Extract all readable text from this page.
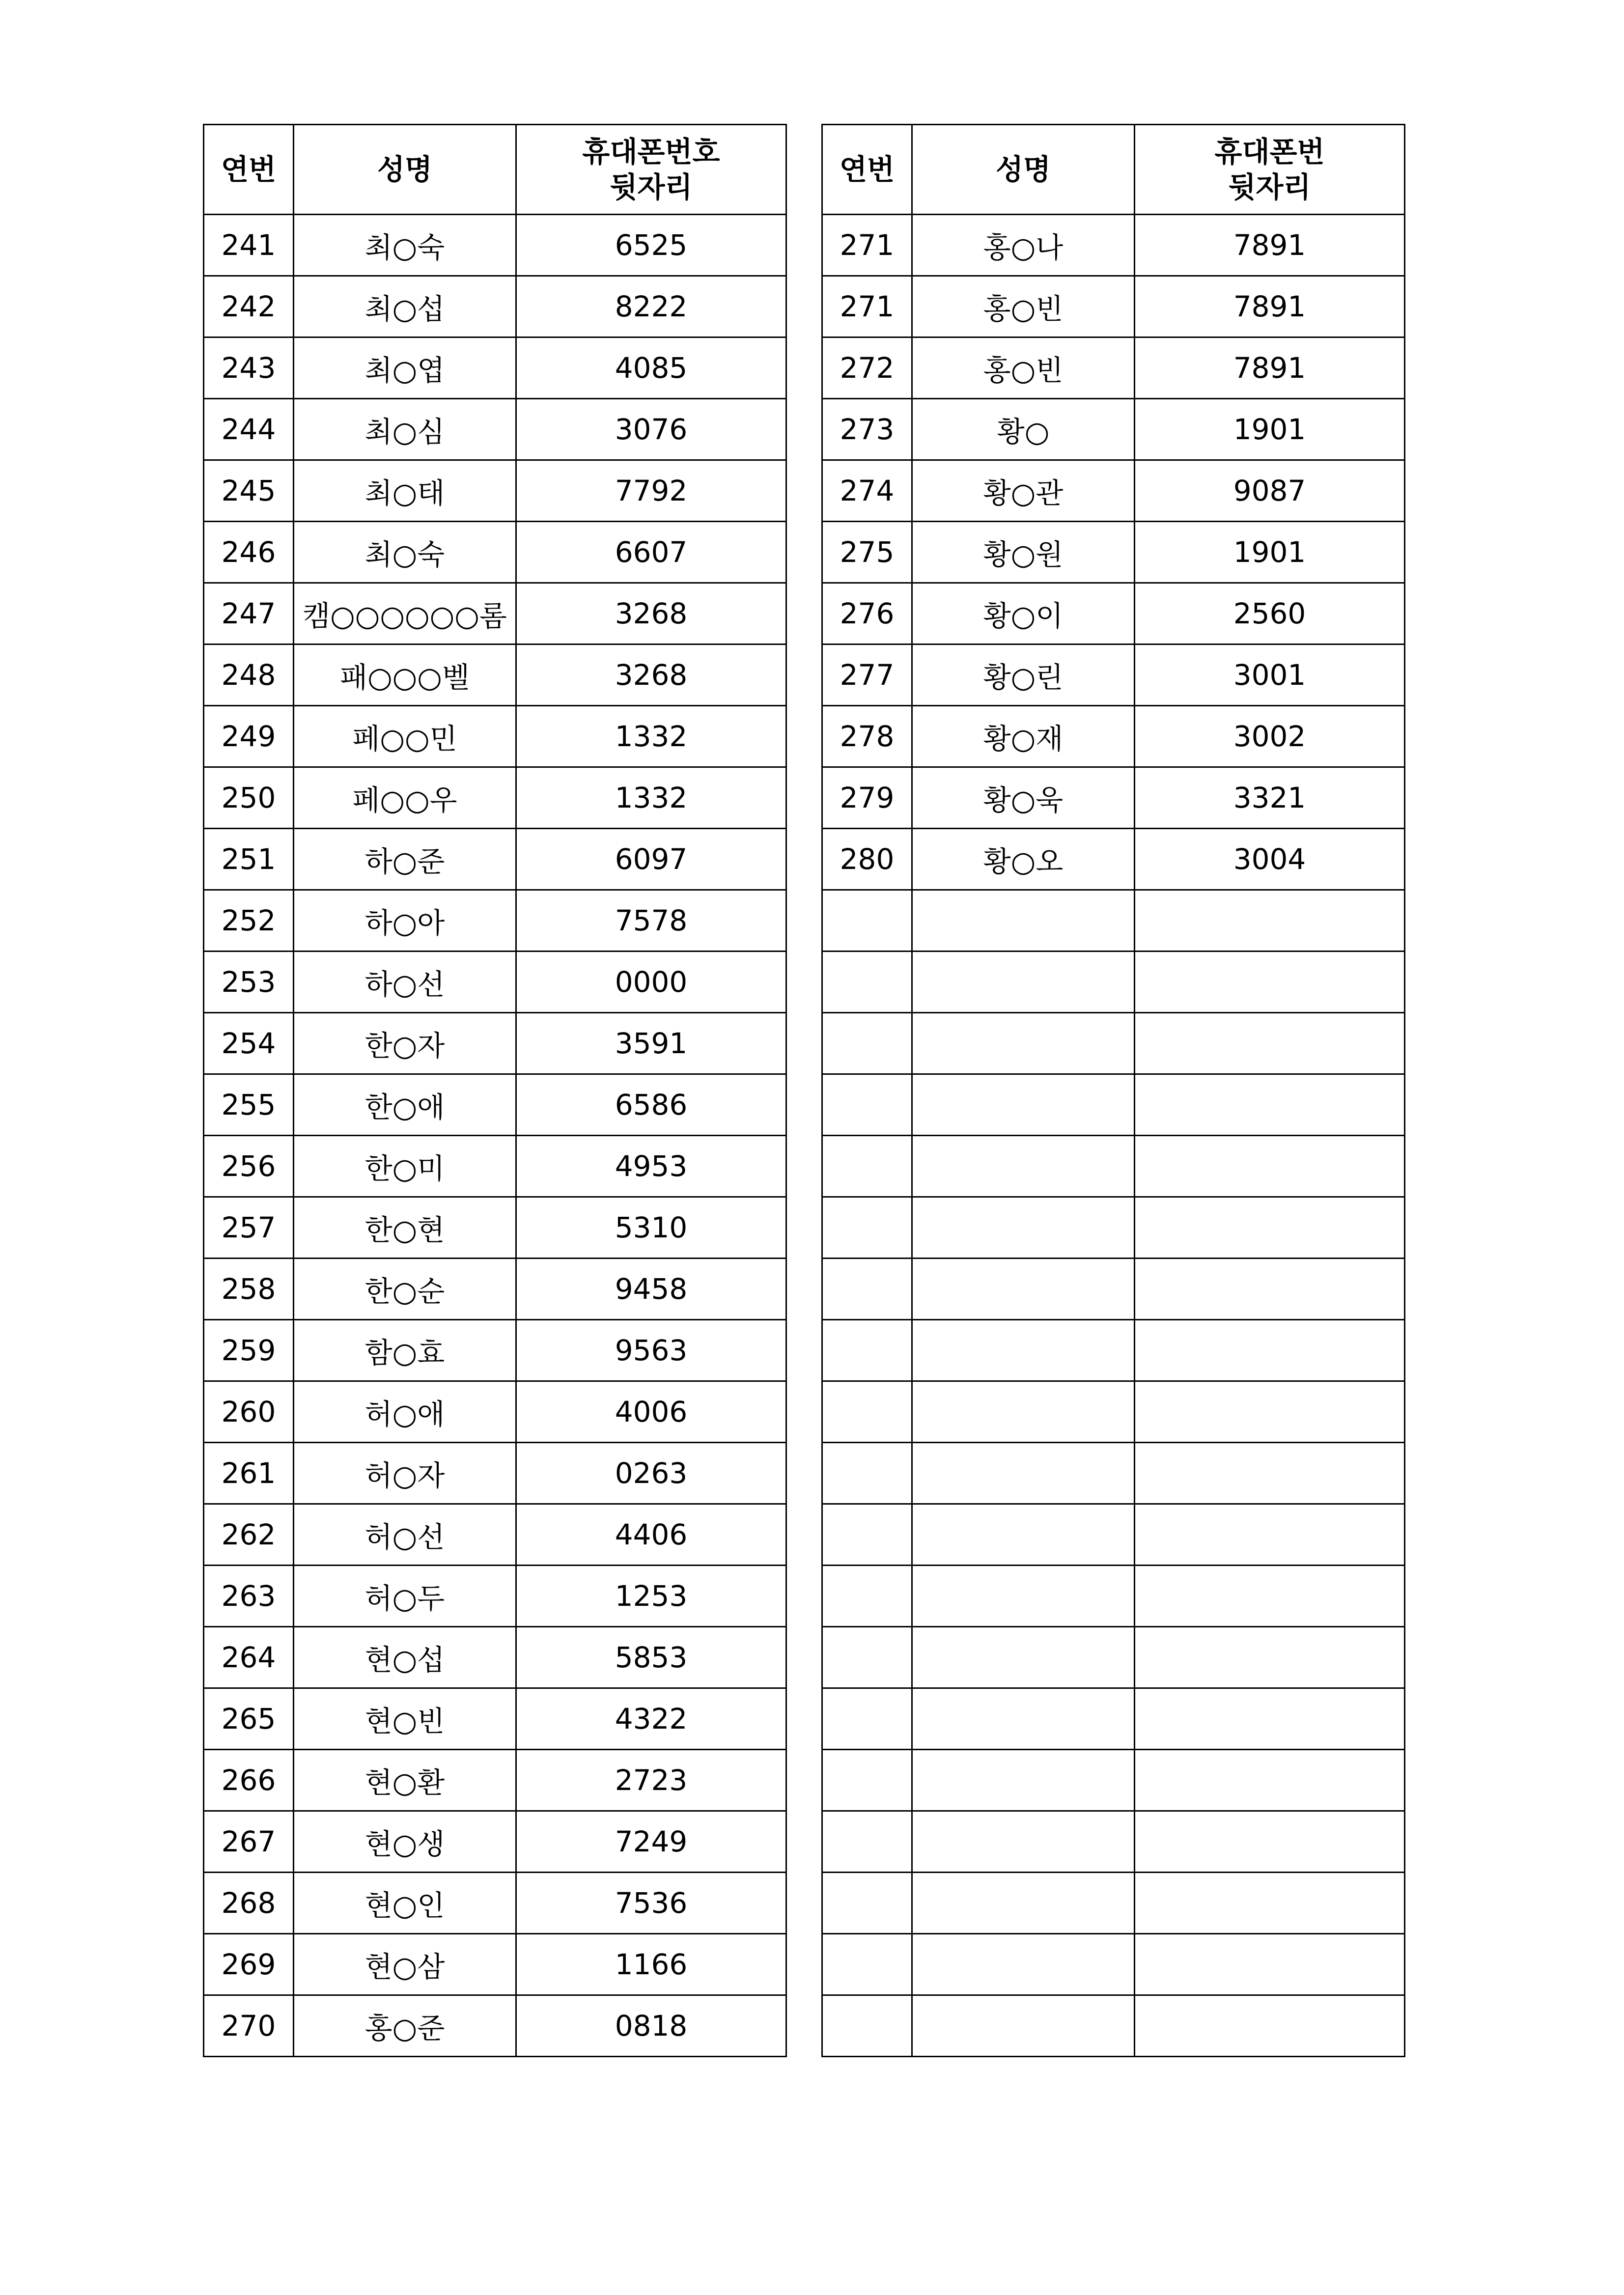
연번	성명	휴대폰번호
뒷자리

241	최○숙	6525
242	최○섭	8222
243	최○엽	4085
244	최○심	3076
245	최○태	7792
246	최○숙	6607
247	캠○○○○○○롬	3268
248	패○○○벨	3268
249	페○○민	1332
250	페○○우	1332
251	하○준	6097
252	하○아	7578
253	하○선	0000
254	한○자	3591
255	한○애	6586
256	한○미	4953
257	한○현	5310
258	한○순	9458
259	함○효	9563
260	허○애	4006
261	허○자	0263
262	허○선	4406
263	허○두	1253
264	현○섭	5853
265	현○빈	4322
266	현○환	2723
267	현○생	7249
268	현○인	7536
269	현○삼	1166
270	홍○준	0818
연번	성명	휴대폰번
뒷자리

271	홍○나	7891
271	홍○빈	7891
272	홍○빈	7891
273	황○	1901
274	황○관	9087
275	황○원	1901
276	황○이	2560
277	황○린	3001
278	황○재	3002
279	황○욱	3321
280	황○오	3004
